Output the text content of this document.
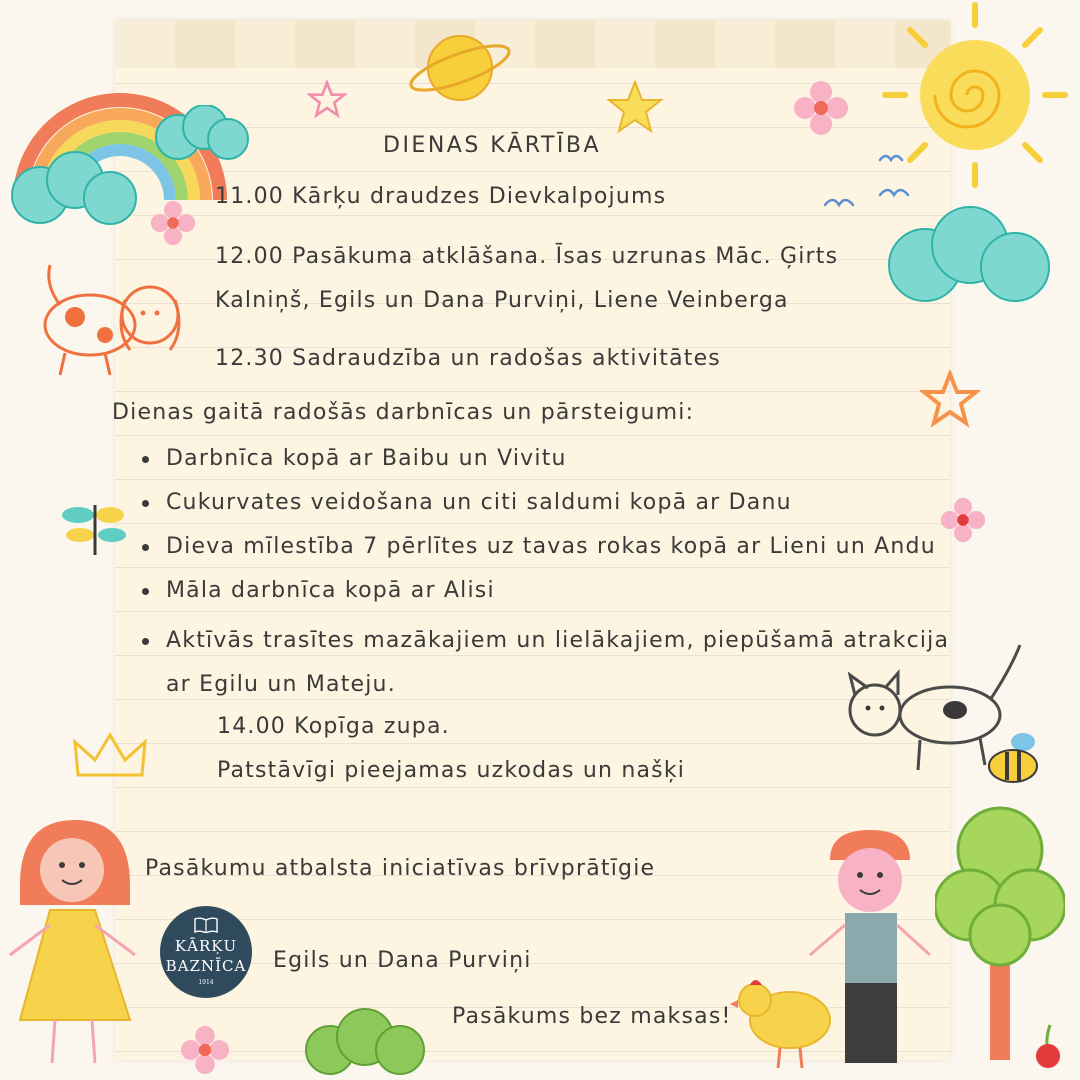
DIENAS KĀRTĪBA
11.00 Kārķu draudzes Dievkalpojums
12.00 Pasākuma atklāšana. Īsas uzrunas Māc. Ģirts
Kalniņš, Egils un Dana Purviņi, Liene Veinberga
12.30 Sadraudzība un radošas aktivitātes
Dienas gaitā radošās darbnīcas un pārsteigumi:
Darbnīca kopā ar Baibu un Vivitu
Cukurvates veidošana un citi saldumi kopā ar Danu
Dieva mīlestība 7 pērlītes uz tavas rokas kopā ar Lieni un Andu
Māla darbnīca kopā ar Alisi
Aktīvās trasītes mazākajiem un lielākajiem, piepūšamā atrakcija ar Egilu un Mateju.
14.00 Kopīga zupa.
Patstāvīgi pieejamas uzkodas un našķi
Pasākumu atbalsta iniciatīvas brīvprātīgie
KĀRĶU
BAZNĪCA
1914
Egils un Dana Purviņi
Pasākums bez maksas!
